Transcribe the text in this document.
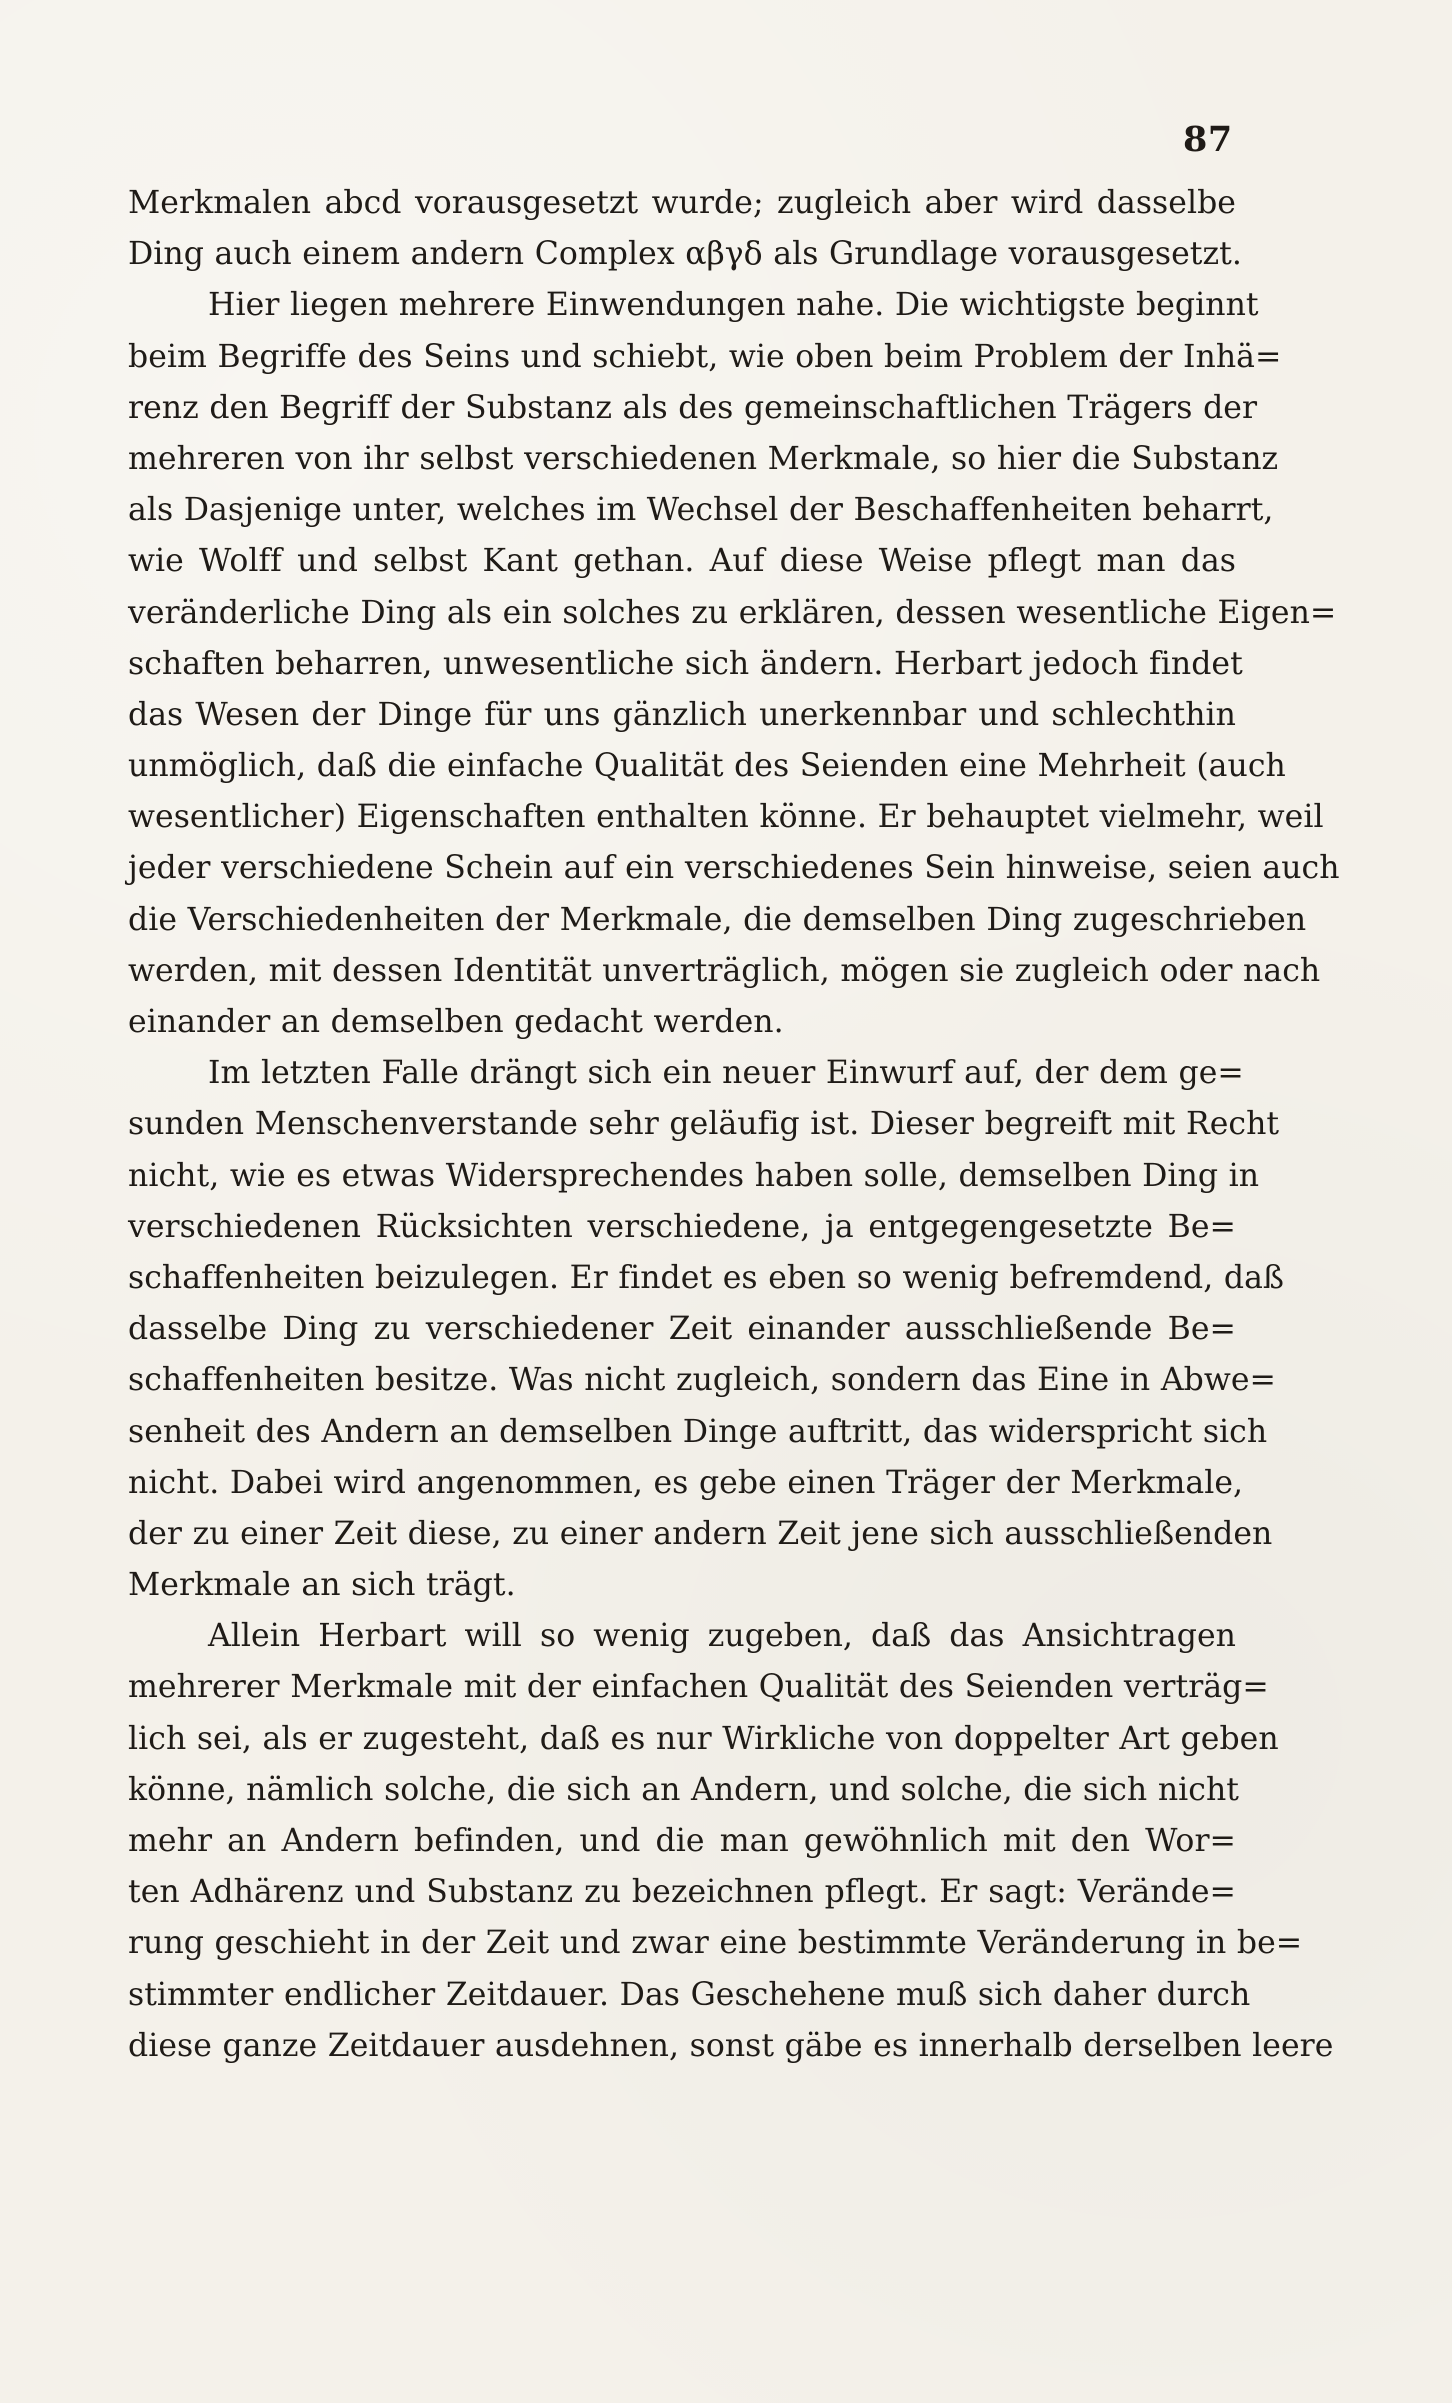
87
Merkmalen abcd vorausgesetzt wurde; zugleich aber wird dasselbe
Ding auch einem andern Complex αβγδ als Grundlage vorausgesetzt.
Hier liegen mehrere Einwendungen nahe. Die wichtigste beginnt
beim Begriffe des Seins und schiebt, wie oben beim Problem der Inhä=
renz den Begriff der Substanz als des gemeinschaftlichen Trägers der
mehreren von ihr selbst verschiedenen Merkmale, so hier die Substanz
als Dasjenige unter, welches im Wechsel der Beschaffenheiten beharrt,
wie Wolff und selbst Kant gethan. Auf diese Weise pflegt man das
veränderliche Ding als ein solches zu erklären, dessen wesentliche Eigen=
schaften beharren, unwesentliche sich ändern. Herbart jedoch findet
das Wesen der Dinge für uns gänzlich unerkennbar und schlechthin
unmöglich, daß die einfache Qualität des Seienden eine Mehrheit (auch
wesentlicher) Eigenschaften enthalten könne. Er behauptet vielmehr, weil
jeder verschiedene Schein auf ein verschiedenes Sein hinweise, seien auch
die Verschiedenheiten der Merkmale, die demselben Ding zugeschrieben
werden, mit dessen Identität unverträglich, mögen sie zugleich oder nach
einander an demselben gedacht werden.
Im letzten Falle drängt sich ein neuer Einwurf auf, der dem ge=
sunden Menschenverstande sehr geläufig ist. Dieser begreift mit Recht
nicht, wie es etwas Widersprechendes haben solle, demselben Ding in
verschiedenen Rücksichten verschiedene, ja entgegengesetzte Be=
schaffenheiten beizulegen. Er findet es eben so wenig befremdend, daß
dasselbe Ding zu verschiedener Zeit einander ausschließende Be=
schaffenheiten besitze. Was nicht zugleich, sondern das Eine in Abwe=
senheit des Andern an demselben Dinge auftritt, das widerspricht sich
nicht. Dabei wird angenommen, es gebe einen Träger der Merkmale,
der zu einer Zeit diese, zu einer andern Zeit jene sich ausschließenden
Merkmale an sich trägt.
Allein Herbart will so wenig zugeben, daß das Ansichtragen
mehrerer Merkmale mit der einfachen Qualität des Seienden verträg=
lich sei, als er zugesteht, daß es nur Wirkliche von doppelter Art geben
könne, nämlich solche, die sich an Andern, und solche, die sich nicht
mehr an Andern befinden, und die man gewöhnlich mit den Wor=
ten Adhärenz und Substanz zu bezeichnen pflegt. Er sagt: Verände=
rung geschieht in der Zeit und zwar eine bestimmte Veränderung in be=
stimmter endlicher Zeitdauer. Das Geschehene muß sich daher durch
diese ganze Zeitdauer ausdehnen, sonst gäbe es innerhalb derselben leere
